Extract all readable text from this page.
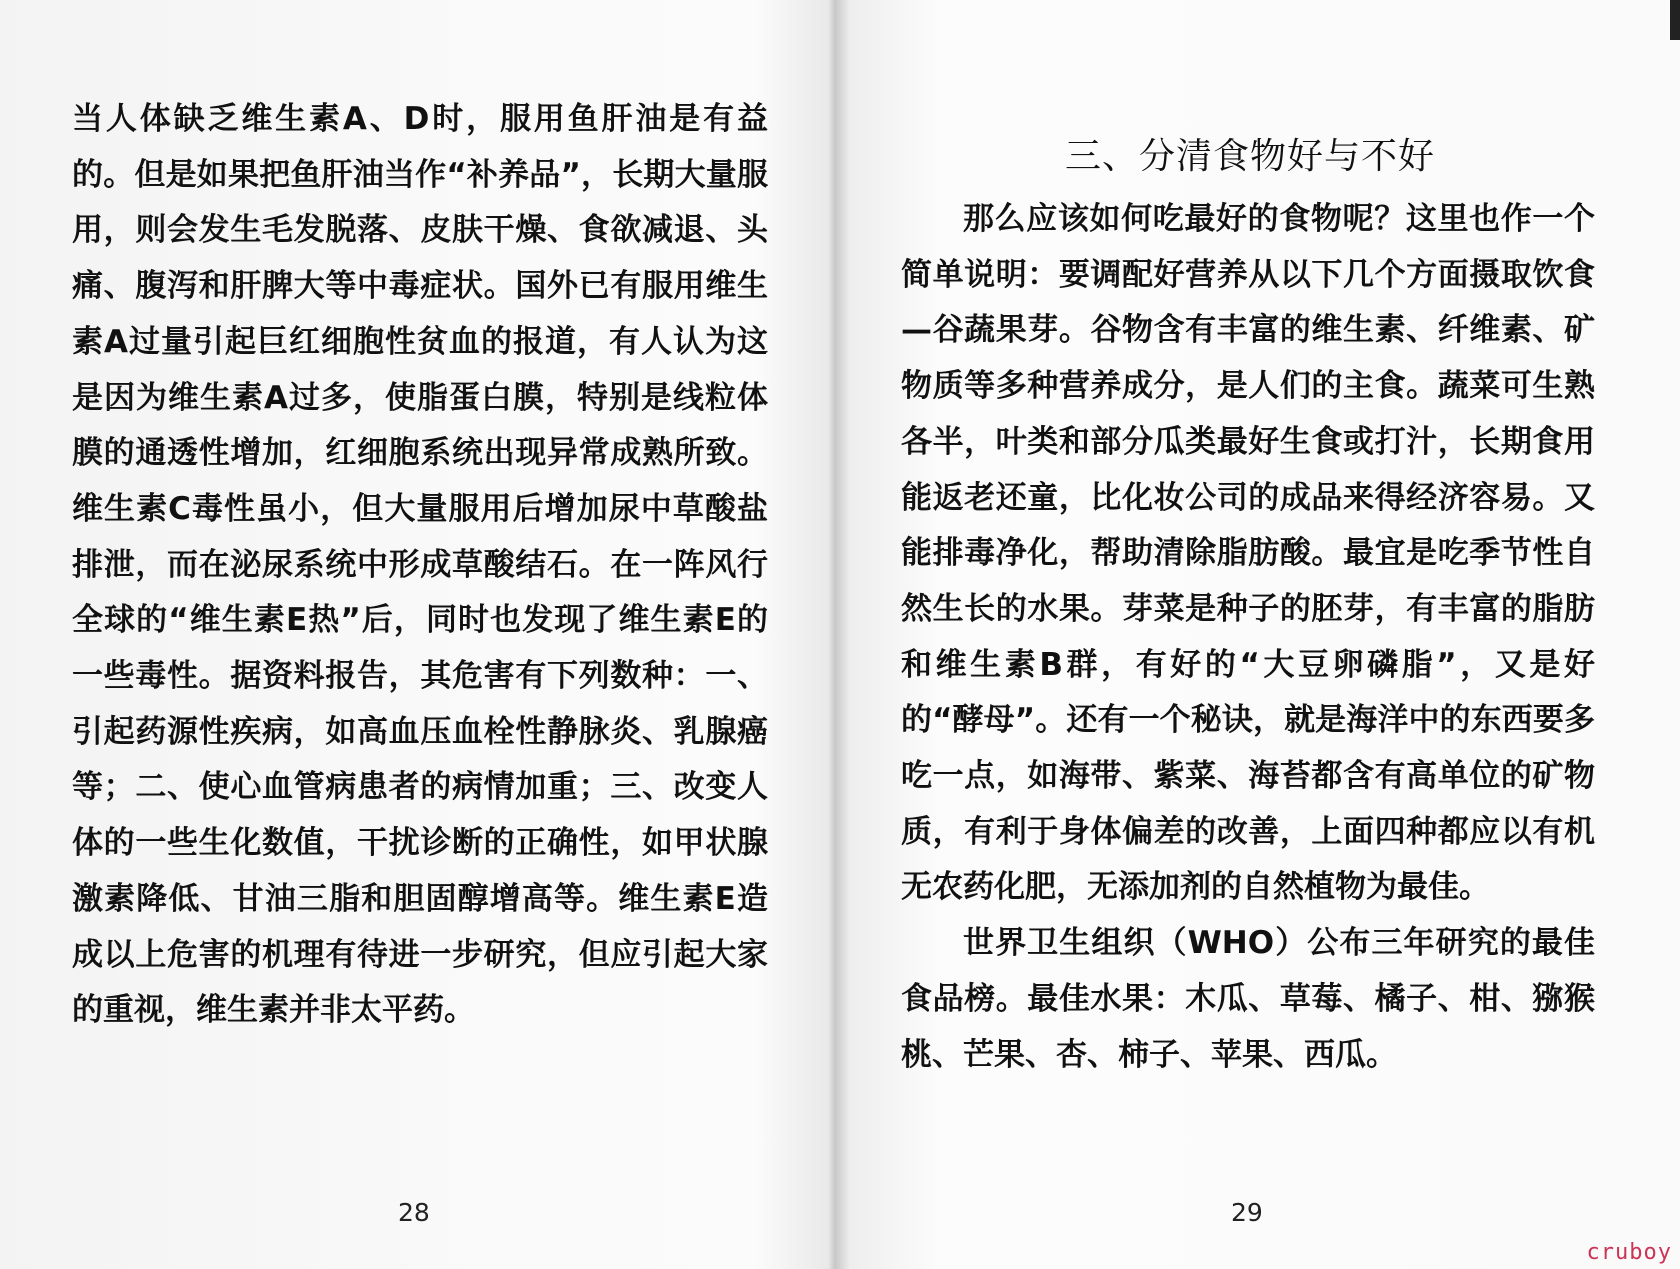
当人体缺乏维生素A、D时，服用鱼肝油是有益的。但是如果把鱼肝油当作“补养品”，长期大量服用，则会发生毛发脱落、皮肤干燥、食欲减退、头痛、腹泻和肝脾大等中毒症状。国外已有服用维生素A过量引起巨红细胞性贫血的报道，有人认为这是因为维生素A过多，使脂蛋白膜，特别是线粒体膜的通透性增加，红细胞系统出现异常成熟所致。维生素C毒性虽小，但大量服用后增加尿中草酸盐排泄，而在泌尿系统中形成草酸结石。在一阵风行全球的“维生素E热”后，同时也发现了维生素E的一些毒性。据资料报告，其危害有下列数种：一、引起药源性疾病，如高血压血栓性静脉炎、乳腺癌等；二、使心血管病患者的病情加重；三、改变人体的一些生化数值，干扰诊断的正确性，如甲状腺激素降低、甘油三脂和胆固醇增高等。维生素E造成以上危害的机理有待进一步研究，但应引起大家的重视，维生素并非太平药。

28
三、分清食物好与不好
那么应该如何吃最好的食物呢？这里也作一个简单说明：要调配好营养从以下几个方面摄取饮食—谷蔬果芽。谷物含有丰富的维生素、纤维素、矿物质等多种营养成分，是人们的主食。蔬菜可生熟各半，叶类和部分瓜类最好生食或打汁，长期食用能返老还童，比化妆公司的成品来得经济容易。又能排毒净化，帮助清除脂肪酸。最宜是吃季节性自然生长的水果。芽菜是种子的胚芽，有丰富的脂肪和维生素B群，有好的“大豆卵磷脂”，又是好的“酵母”。还有一个秘诀，就是海洋中的东西要多吃一点，如海带、紫菜、海苔都含有高单位的矿物质，有利于身体偏差的改善，上面四种都应以有机无农药化肥，无添加剂的自然植物为最佳。
世界卫生组织（WHO）公布三年研究的最佳食品榜。最佳水果：木瓜、草莓、橘子、柑、猕猴桃、芒果、杏、柿子、苹果、西瓜。
29
cruboy
